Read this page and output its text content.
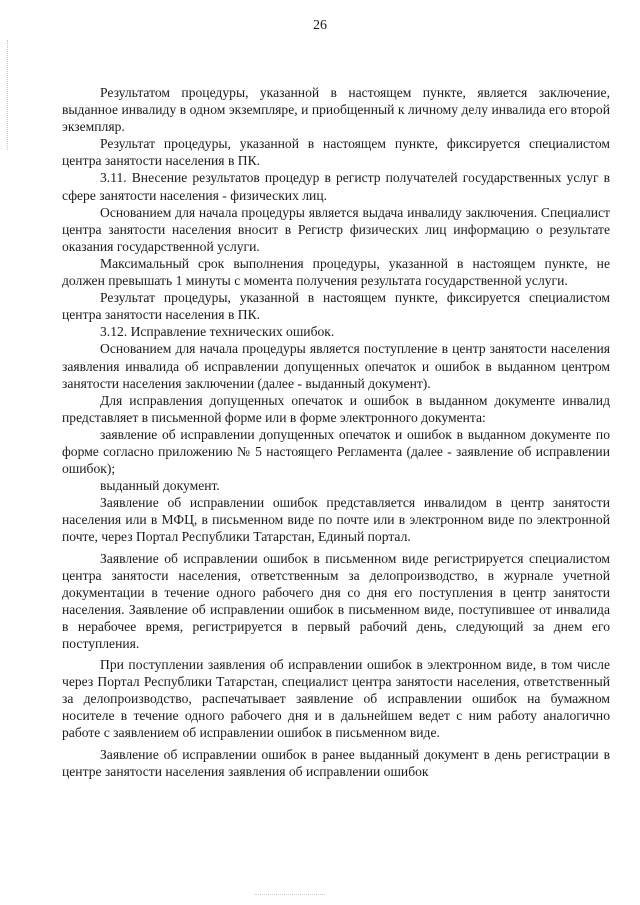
26

Результатом процедуры, указанной в настоящем пункте, является заключение, выданное инвалиду в одном экземпляре, и приобщенный к личному делу инвалида его второй экземпляр.

Результат процедуры, указанной в настоящем пункте, фиксируется специалистом центра занятости населения в ПК.

3.11. Внесение результатов процедур в регистр получателей государственных услуг в сфере занятости населения - физических лиц.

Основанием для начала процедуры является выдача инвалиду заключения. Специалист центра занятости населения вносит в Регистр физических лиц информацию о результате оказания государственной услуги.

Максимальный срок выполнения процедуры, указанной в настоящем пункте, не должен превышать 1 минуты с момента получения результата государственной услуги.

Результат процедуры, указанной в настоящем пункте, фиксируется специалистом центра занятости населения в ПК.

3.12. Исправление технических ошибок.

Основанием для начала процедуры является поступление в центр занятости населения заявления инвалида об исправлении допущенных опечаток и ошибок в выданном центром занятости населения заключении (далее - выданный документ).

Для исправления допущенных опечаток и ошибок в выданном документе инвалид представляет в письменной форме или в форме электронного документа:

заявление об исправлении допущенных опечаток и ошибок в выданном документе по форме согласно приложению № 5 настоящего Регламента (далее - заявление об исправлении ошибок);

выданный документ.

Заявление об исправлении ошибок представляется инвалидом в центр занятости населения или в МФЦ, в письменном виде по почте или в электронном виде по электронной почте, через Портал Республики Татарстан, Единый портал.

Заявление об исправлении ошибок в письменном виде регистрируется специалистом центра занятости населения, ответственным за делопроизводство, в журнале учетной документации в течение одного рабочего дня со дня его поступления в центр занятости населения. Заявление об исправлении ошибок в письменном виде, поступившее от инвалида в нерабочее время, регистрируется в первый рабочий день, следующий за днем его поступления.

При поступлении заявления об исправлении ошибок в электронном виде, в том числе через Портал Республики Татарстан, специалист центра занятости населения, ответственный за делопроизводство, распечатывает заявление об исправлении ошибок на бумажном носителе в течение одного рабочего дня и в дальнейшем ведет с ним работу аналогично работе с заявлением об исправлении ошибок в письменном виде.

Заявление об исправлении ошибок в ранее выданный документ в день регистрации в центре занятости населения заявления об исправлении ошибок
